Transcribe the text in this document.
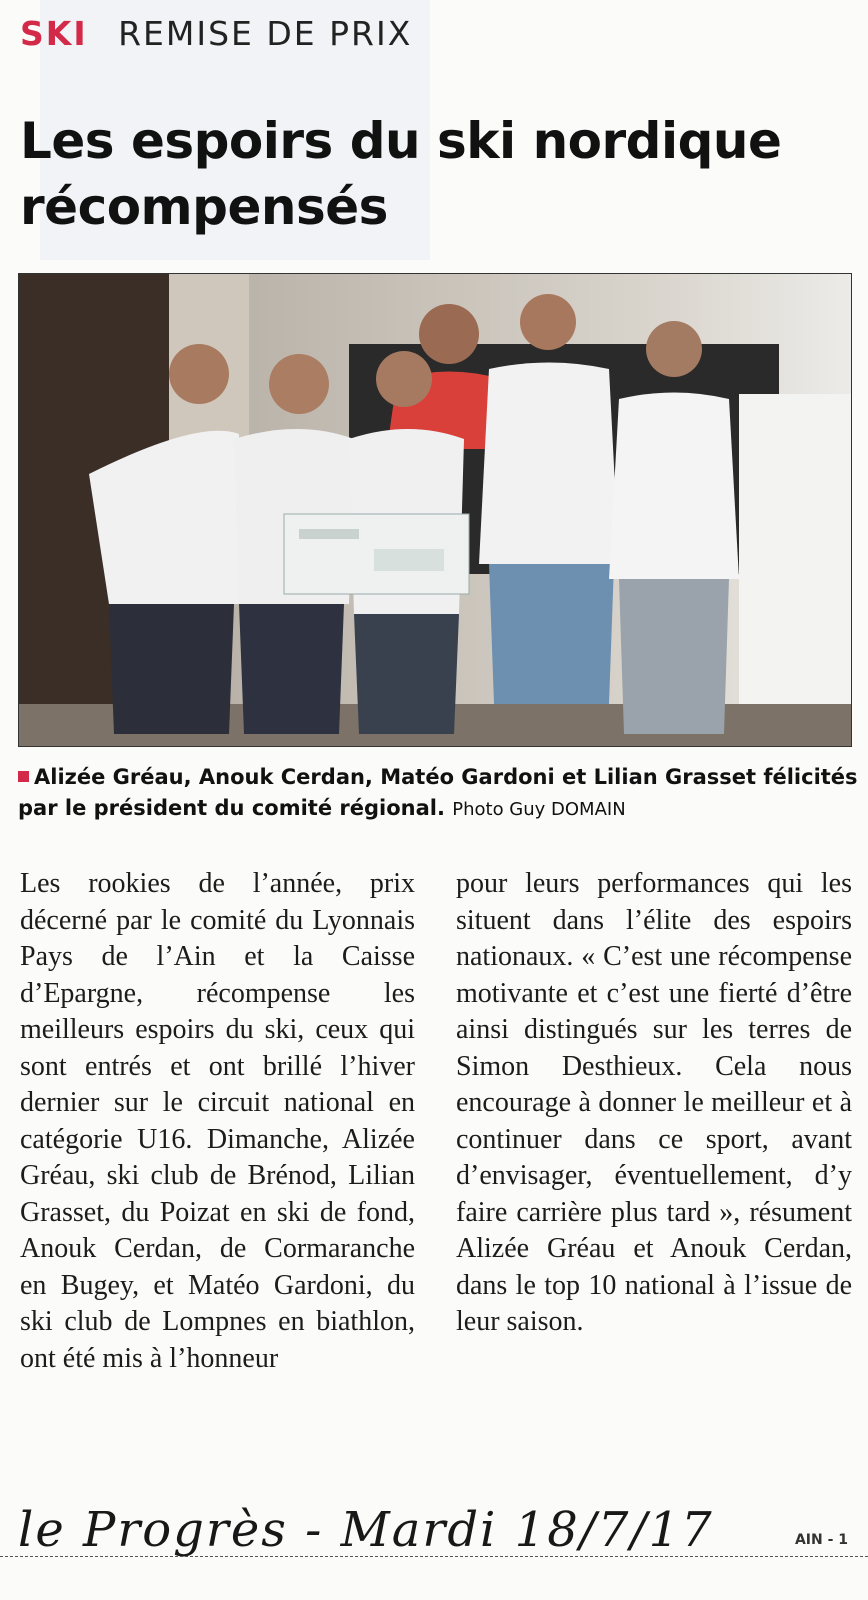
SKI REMISE DE PRIX
Les espoirs du ski nordique récompensés
Alizée Gréau, Anouk Cerdan, Matéo Gardoni et Lilian Grasset félicités par le président du comité régional. Photo Guy DOMAIN

Les rookies de l’année, prix décerné par le comité du Lyonnais Pays de l’Ain et la Caisse d’Epargne, récompense les meilleurs espoirs du ski, ceux qui sont entrés et ont brillé l’hiver dernier sur le circuit national en catégorie U16. Dimanche, Alizée Gréau, ski club de Brénod, Lilian Grasset, du Poizat en ski de fond, Anouk Cerdan, de Cormaranche en Bugey, et Matéo Gardoni, du ski club de Lompnes en biathlon, ont été mis à l’honneur

pour leurs performances qui les situent dans l’élite des espoirs nationaux. « C’est une récompense motivante et c’est une fierté d’être ainsi distingués sur les terres de Simon Desthieux. Cela nous encourage à donner le meilleur et à continuer dans ce sport, avant d’envisager, éventuellement, d’y faire carrière plus tard », résument Alizée Gréau et Anouk Cerdan, dans le top 10 national à l’issue de leur saison.

le Progrès - Mardi 18/7/17	AIN - 1
